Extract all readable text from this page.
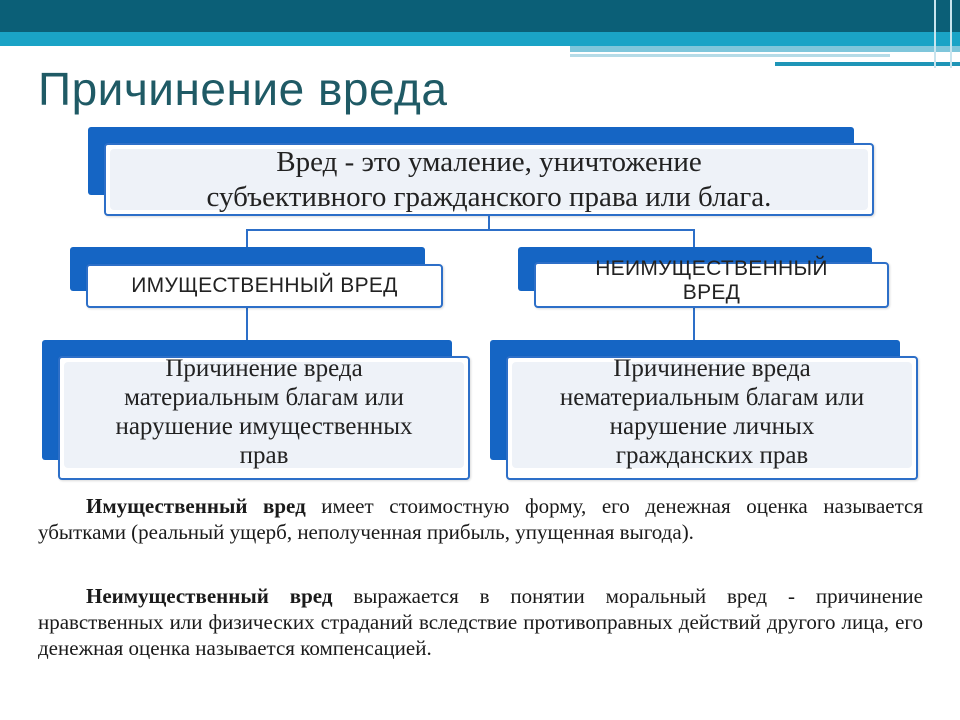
Причинение вреда
Вред - это умаление, уничтожение
субъективного гражданского права или блага.
ИМУЩЕСТВЕННЫЙ ВРЕД
НЕИМУЩЕСТВЕННЫЙ
ВРЕД
Причинение вреда
материальным благам или
нарушение имущественных
прав
Причинение вреда
нематериальным благам или
нарушение личных
гражданских прав

Имущественный вред имеет стоимостную форму, его денежная оценка называется убытками (реальный ущерб, неполученная прибыль, упущенная выгода).

Неимущественный вред выражается в понятии моральный вред - причинение нравственных или физических страданий вследствие противоправных действий другого лица, его денежная оценка называется компенсацией.
